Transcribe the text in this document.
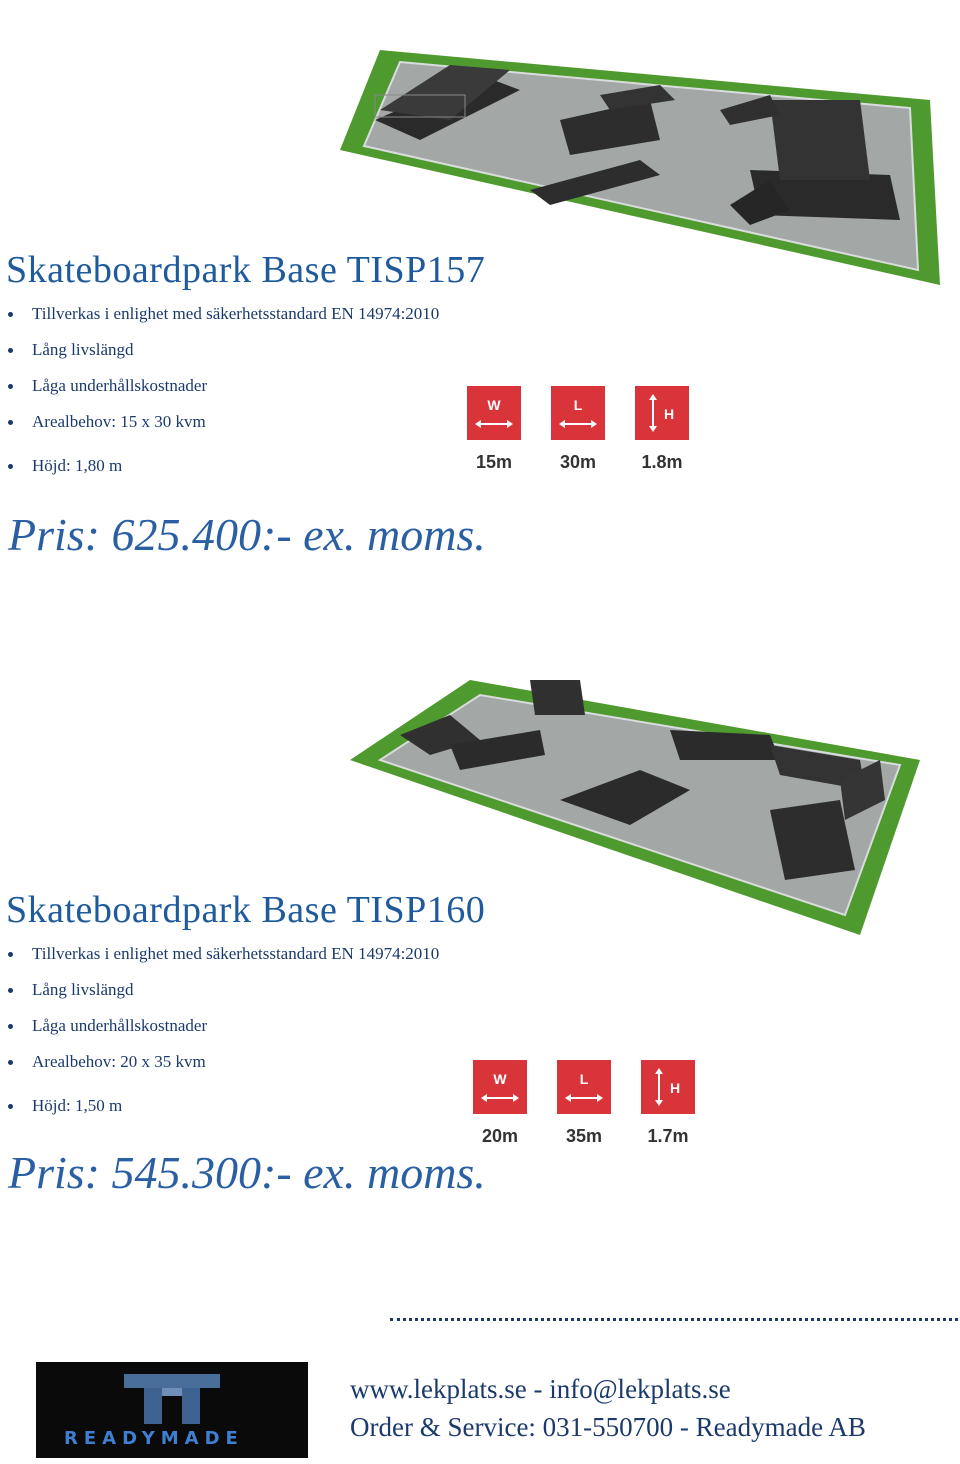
Skateboardpark Base TISP157
Tillverkas i enlighet med säkerhetsstandard EN 14974:2010
Lång livslängd
Låga underhållskostnader
Arealbehov: 15 x 30 kvm
Höjd: 1,80 m
W
15m
L
30m
H
1.8m
Pris: 625.400:- ex. moms.
Skateboardpark Base TISP160
Tillverkas i enlighet med säkerhetsstandard EN 14974:2010
Lång livslängd
Låga underhållskostnader
Arealbehov: 20 x 35 kvm
Höjd: 1,50 m
W
20m
L
35m
H
1.7m
Pris: 545.300:- ex. moms.
READYMADE
www.lekplats.se - info@lekplats.se
Order & Service: 031-550700 - Readymade AB
